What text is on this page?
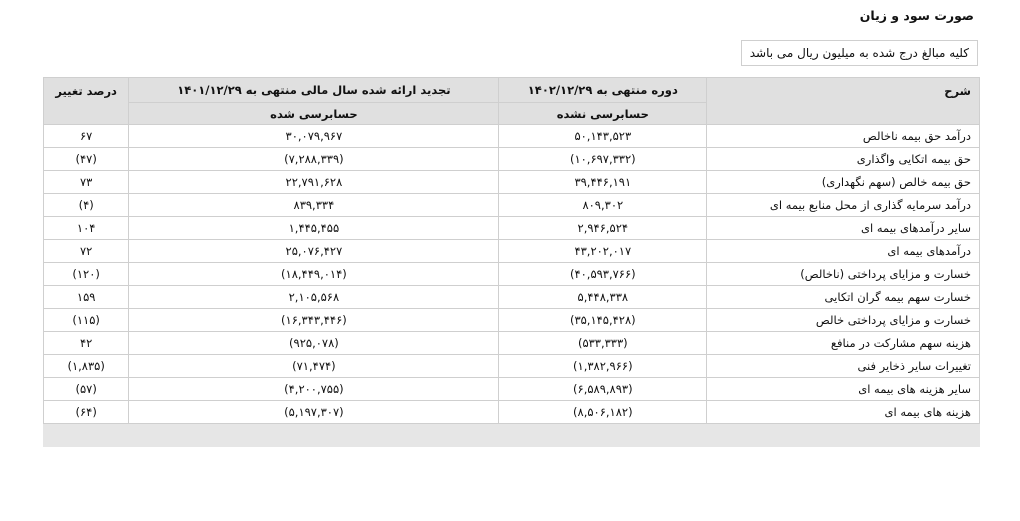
صورت سود و زیان
کلیه مبالغ درج شده به میلیون ریال می باشد
شرح	دوره منتهی به ۱۴۰۲/۱۲/۲۹	تجدید ارائه شده سال مالی منتهی به ۱۴۰۱/۱۲/۲۹	درصد تغییر
	حسابرسی نشده	حسابرسی شده	
درآمد حق بیمه ناخالص	۵۰,۱۴۳,۵۲۳	۳۰,۰۷۹,۹۶۷	۶۷
حق بیمه اتکایی واگذاری	(۱۰,۶۹۷,۳۳۲)	(۷,۲۸۸,۳۳۹)	(۴۷)
حق بیمه خالص (سهم نگهداری)	۳۹,۴۴۶,۱۹۱	۲۲,۷۹۱,۶۲۸	۷۳
درآمد سرمایه گذاری از محل منابع بیمه ای	۸۰۹,۳۰۲	۸۳۹,۳۳۴	(۴)
سایر درآمدهای بیمه ای	۲,۹۴۶,۵۲۴	۱,۴۴۵,۴۵۵	۱۰۴
درآمدهای بیمه ای	۴۳,۲۰۲,۰۱۷	۲۵,۰۷۶,۴۲۷	۷۲
خسارت و مزایای پرداختی (ناخالص)	(۴۰,۵۹۳,۷۶۶)	(۱۸,۴۴۹,۰۱۴)	(۱۲۰)
خسارت سهم بیمه گران اتکایی	۵,۴۴۸,۳۳۸	۲,۱۰۵,۵۶۸	۱۵۹
خسارت و مزایای پرداختی خالص	(۳۵,۱۴۵,۴۲۸)	(۱۶,۳۴۳,۴۴۶)	(۱۱۵)
هزینه سهم مشارکت در منافع	(۵۳۳,۳۳۳)	(۹۲۵,۰۷۸)	۴۲
تغییرات سایر ذخایر فنی	(۱,۳۸۲,۹۶۶)	(۷۱,۴۷۴)	(۱,۸۳۵)
سایر هزینه های بیمه ای	(۶,۵۸۹,۸۹۳)	(۴,۲۰۰,۷۵۵)	(۵۷)
هزینه های بیمه ای	(۸,۵۰۶,۱۸۲)	(۵,۱۹۷,۳۰۷)	(۶۴)
